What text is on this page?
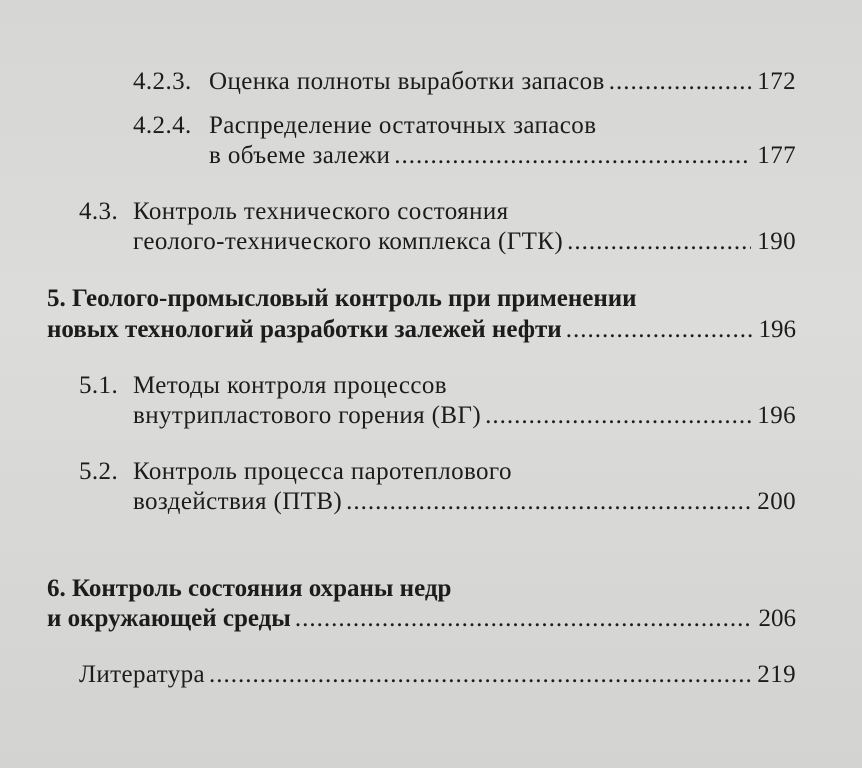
4.2.3. Оценка полноты выработки запасов .....	172
4.2.4. Распределение остаточных запасов
в объеме залежи .....	177
4.3. Контроль технического состояния
геолого-технического комплекса (ГТК) .....	190
5. Геолого-промысловый контроль при применении
новых технологий разработки залежей нефти .....	196
5.1. Методы контроля процессов
внутрипластового горения (ВГ) .....	196
5.2. Контроль процесса паротеплового
воздействия (ПТВ) .....	200
6. Контроль состояния охраны недр
и окружающей среды .....	206
Литература .....	219
